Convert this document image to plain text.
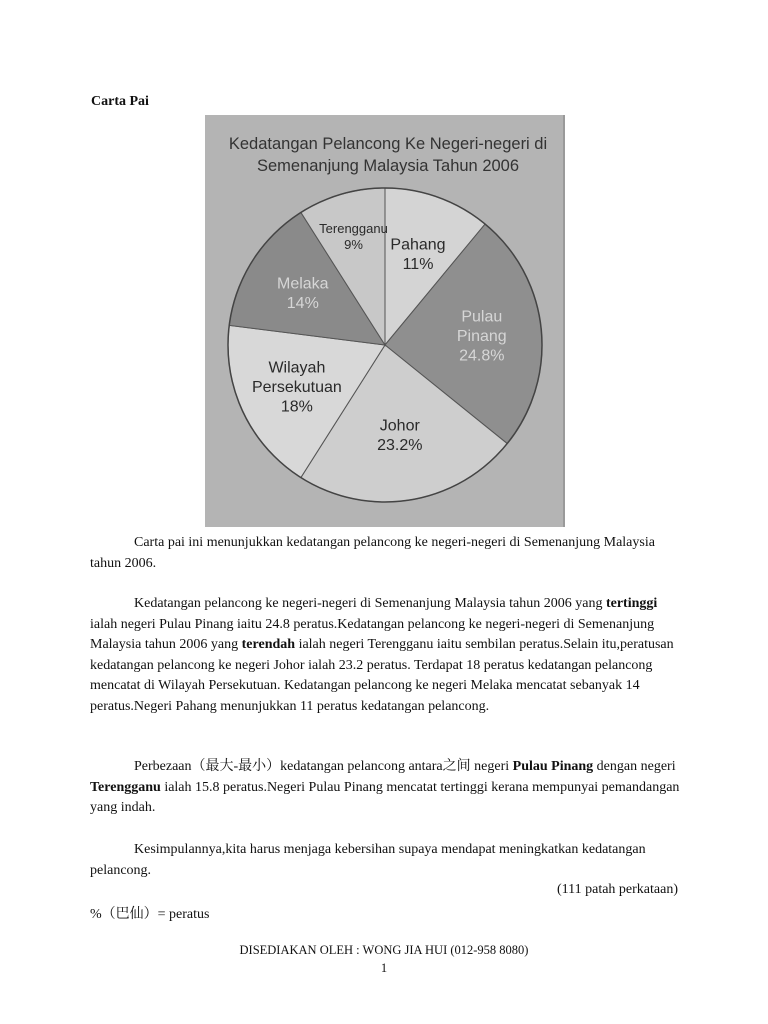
Carta Pai
Kedatangan Pelancong Ke Negeri-negeri di
Semenanjung Malaysia Tahun 2006
Pahang
11%
Pulau
Pinang
24.8%
Johor
23.2%
Wilayah
Persekutuan
18%
Melaka
14%
Terengganu
9%

Carta pai ini menunjukkan kedatangan pelancong ke negeri-negeri di Semenanjung Malaysia tahun 2006.

Kedatangan pelancong ke negeri-negeri di Semenanjung Malaysia tahun 2006 yang tertinggi ialah negeri Pulau Pinang iaitu 24.8 peratus.Kedatangan pelancong ke negeri-negeri di Semenanjung Malaysia tahun 2006 yang terendah ialah negeri Terengganu iaitu sembilan peratus.Selain itu,peratusan kedatangan pelancong ke negeri Johor ialah 23.2 peratus. Terdapat 18 peratus kedatangan pelancong mencatat di Wilayah Persekutuan. Kedatangan pelancong ke negeri Melaka mencatat sebanyak 14 peratus.Negeri Pahang menunjukkan 11 peratus kedatangan pelancong.

Perbezaan（最大-最小）kedatangan pelancong antara之间 negeri Pulau Pinang dengan negeri Terengganu ialah 15.8 peratus.Negeri Pulau Pinang mencatat tertinggi kerana mempunyai pemandangan yang indah.

Kesimpulannya,kita harus menjaga kebersihan supaya mendapat meningkatkan kedatangan pelancong.

(111 patah perkataan)
%（巴仙）= peratus
DISEDIAKAN OLEH : WONG JIA HUI (012-958 8080)
1
